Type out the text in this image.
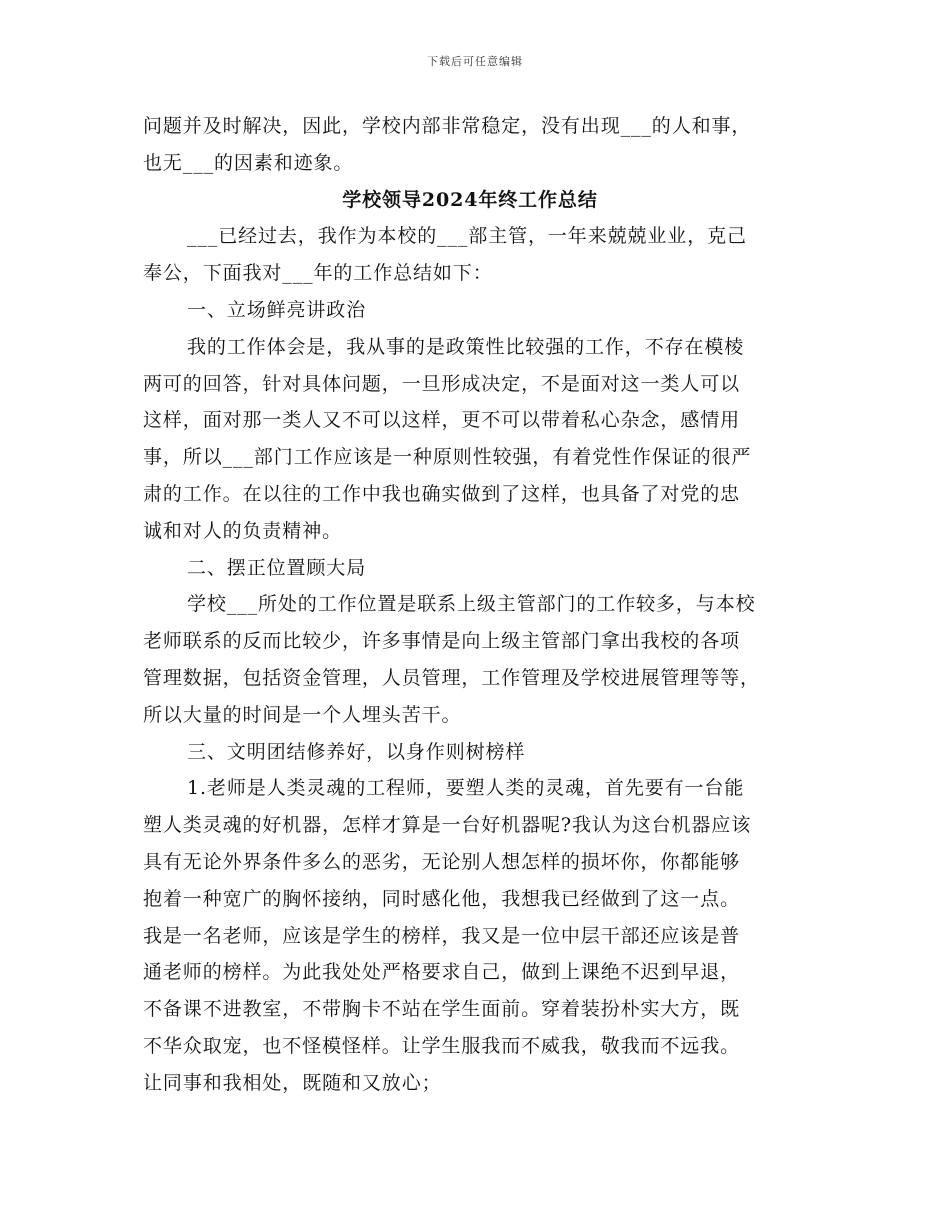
下载后可任意编辑
问题并及时解决，因此，学校内部非常稳定，没有出现___的人和事，
也无___的因素和迹象。
学校领导2024年终工作总结
___已经过去，我作为本校的___部主管，一年来兢兢业业，克己
奉公，下面我对___年的工作总结如下：
一、立场鲜亮讲政治
我的工作体会是，我从事的是政策性比较强的工作，不存在模棱
两可的回答，针对具体问题，一旦形成决定，不是面对这一类人可以
这样，面对那一类人又不可以这样，更不可以带着私心杂念，感情用
事，所以___部门工作应该是一种原则性较强，有着党性作保证的很严
肃的工作。在以往的工作中我也确实做到了这样，也具备了对党的忠
诚和对人的负责精神。
二、摆正位置顾大局
学校___所处的工作位置是联系上级主管部门的工作较多，与本校
老师联系的反而比较少，许多事情是向上级主管部门拿出我校的各项
管理数据，包括资金管理，人员管理，工作管理及学校进展管理等等，
所以大量的时间是一个人埋头苦干。
三、文明团结修养好，以身作则树榜样
1.老师是人类灵魂的工程师，要塑人类的灵魂，首先要有一台能
塑人类灵魂的好机器，怎样才算是一台好机器呢?我认为这台机器应该
具有无论外界条件多么的恶劣，无论别人想怎样的损坏你，你都能够
抱着一种宽广的胸怀接纳，同时感化他，我想我已经做到了这一点。
我是一名老师，应该是学生的榜样，我又是一位中层干部还应该是普
通老师的榜样。为此我处处严格要求自己，做到上课绝不迟到早退，
不备课不进教室，不带胸卡不站在学生面前。穿着装扮朴实大方，既
不华众取宠，也不怪模怪样。让学生服我而不威我，敬我而不远我。
让同事和我相处，既随和又放心；
